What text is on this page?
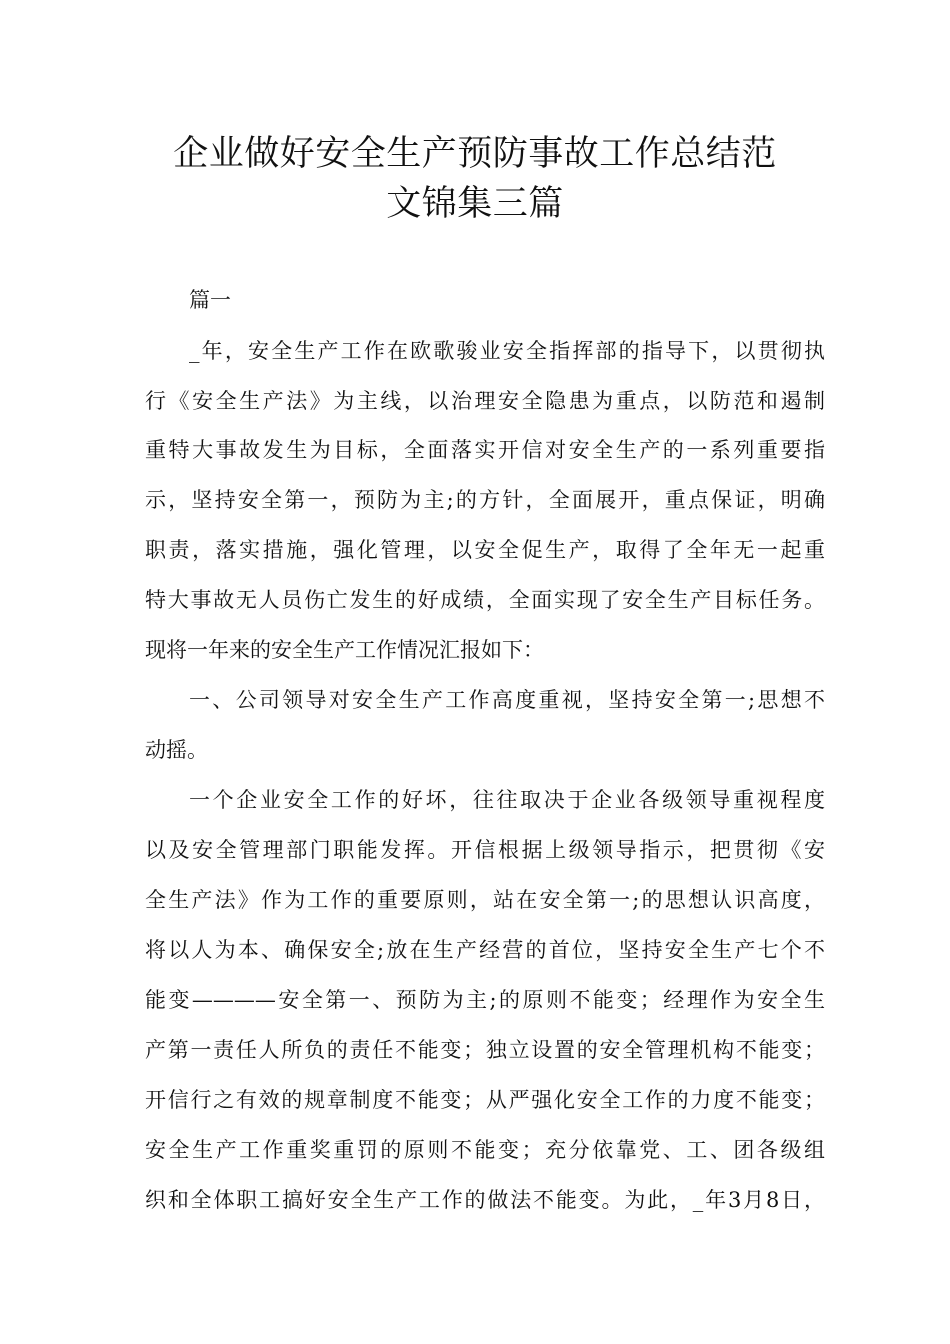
企业做好安全生产预防事故工作总结范
文锦集三篇
篇一
_年，安全生产工作在欧歌骏业安全指挥部的指导下，以贯彻执
行《安全生产法》为主线，以治理安全隐患为重点，以防范和遏制
重特大事故发生为目标，全面落实开信对安全生产的一系列重要指
示，坚持安全第一，预防为主;的方针，全面展开，重点保证，明确
职责，落实措施，强化管理，以安全促生产，取得了全年无一起重
特大事故无人员伤亡发生的好成绩，全面实现了安全生产目标任务。
现将一年来的安全生产工作情况汇报如下：
一、公司领导对安全生产工作高度重视，坚持安全第一;思想不
动摇。
一个企业安全工作的好坏，往往取决于企业各级领导重视程度
以及安全管理部门职能发挥。开信根据上级领导指示，把贯彻《安
全生产法》作为工作的重要原则，站在安全第一;的思想认识高度，
将以人为本、确保安全;放在生产经营的首位，坚持安全生产七个不
能变————安全第一、预防为主;的原则不能变；经理作为安全生
产第一责任人所负的责任不能变；独立设置的安全管理机构不能变；
开信行之有效的规章制度不能变；从严强化安全工作的力度不能变；
安全生产工作重奖重罚的原则不能变；充分依靠党、工、团各级组
织和全体职工搞好安全生产工作的做法不能变。为此，_年3月8日，
